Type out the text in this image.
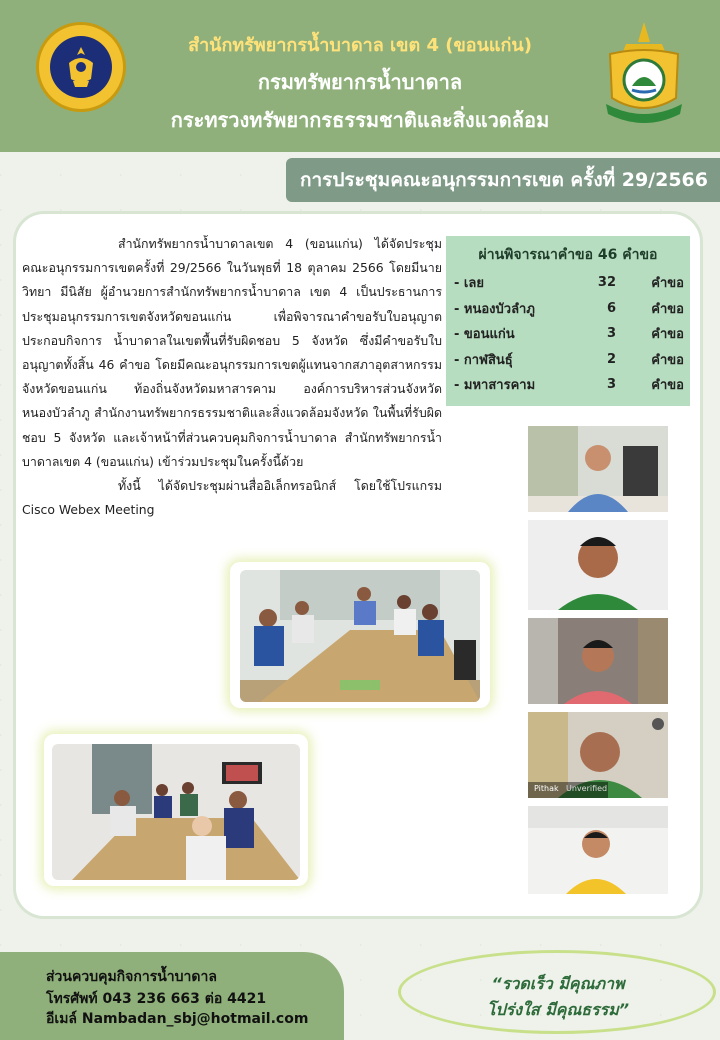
สำนักทรัพยากรน้ำบาดาล เขต 4 (ขอนแก่น)
กรมทรัพยากรน้ำบาดาล
กระทรวงทรัพยากรธรรมชาติและสิ่งแวดล้อม
การประชุมคณะอนุกรรมการเขต ครั้งที่ 29/2566

สำนักทรัพยากรน้ำบาดาลเขต 4 (ขอนแก่น) ได้จัดประชุมคณะอนุกรรมการเขตครั้งที่ 29/2566 ในวันพุธที่ 18 ตุลาคม 2566 โดยมีนายวิทยา มีนิสัย ผู้อำนวยการสำนักทรัพยากรน้ำบาดาล เขต 4 เป็นประธานการประชุมอนุกรรมการเขตจังหวัดขอนแก่น เพื่อพิจารณาคำขอรับใบอนุญาตประกอบกิจการ น้ำบาดาลในเขตพื้นที่รับผิดชอบ 5 จังหวัด ซึ่งมีคำขอรับใบอนุญาตทั้งสิ้น 46 คำขอ โดยมีคณะอนุกรรมการเขตผู้แทนจากสภาอุตสาหกรรมจังหวัดขอนแก่น ท้องถิ่นจังหวัดมหาสารคาม องค์การบริหารส่วนจังหวัดหนองบัวลำภู สำนักงานทรัพยากรธรรมชาติและสิ่งแวดล้อมจังหวัด ในพื้นที่รับผิดชอบ 5 จังหวัด และเจ้าหน้าที่ส่วนควบคุมกิจการน้ำบาดาล สำนักทรัพยากรน้ำบาดาลเขต 4 (ขอนแก่น) เข้าร่วมประชุมในครั้งนี้ด้วย

ทั้งนี้ ได้จัดประชุมผ่านสื่ออิเล็กทรอนิกส์ โดยใช้โปรแกรม Cisco Webex Meeting

ผ่านพิจารณาคำขอ 46 คำขอ
- เลย	32	คำขอ
- หนองบัวลำภู	6	คำขอ
- ขอนแก่น	3	คำขอ
- กาฬสินธุ์	2	คำขอ
- มหาสารคาม	3	คำขอ
Pithak Unverified
ส่วนควบคุมกิจการน้ำบาดาล
โทรศัพท์ 043 236 663 ต่อ 4421
อีเมล์ Nambadan_sbj@hotmail.com
“รวดเร็ว มีคุณภาพ
โปร่งใส มีคุณธรรม”
